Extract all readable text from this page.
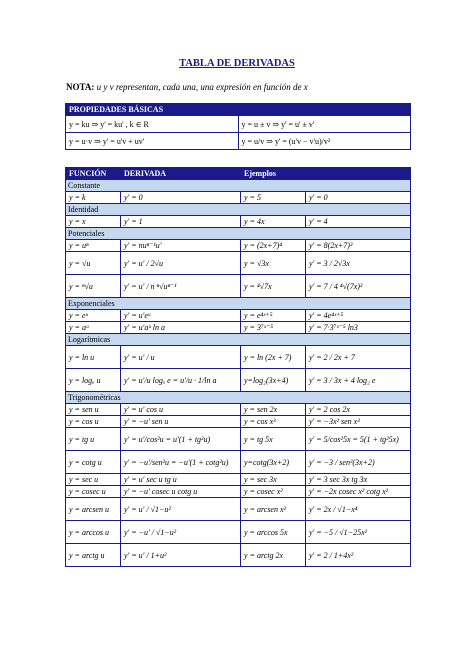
TABLA DE DERIVADAS
NOTA: u y v representan, cada una, una expresión en función de x
PROPIEDADES BÁSICAS	
y = ku ⇒ y' = ku' , k ∈ R	y = u ± v ⇒ y' = u' ± v'
y = u·v ⇒ y' = u'v + uv'	y = u/v ⇒ y' = (u'v − v'u)/v²
FUNCIÓN	DERIVADA	Ejemplos	
Constante			
y = k	y' = 0	y = 5	y' = 0
Identidad			
y = x	y' = 1	y = 4x	y' = 4
Potenciales			
y = uⁿ	y' = nuⁿ⁻¹u'	y = (2x+7)⁴	y' = 8(2x+7)³
y = √u	y' = u' / 2√u	y = √3x	y' = 3 / 2√3x
y = ⁿ√u	y' = u' / n ⁿ√uⁿ⁻¹	y = ⁴√7x	y' = 7 / 4 ⁴√(7x)³
Exponenciales			
y = eᵘ	y' = u'eᵘ	y = e⁴ˣ⁺⁵	y' = 4e⁴ˣ⁺⁵
y = aᵘ	y' = u'aᵘ ln a	y = 3⁷ˣ⁻⁵	y' = 7·3⁷ˣ⁻⁵ ln3
Logarítmicas			
y = ln u	y' = u' / u	y = ln (2x + 7)	y' = 2 / 2x + 7
y = logₐ u	y' = u'/u logₐ e = u'/u · 1/ln a	y=log₂(3x+4)	y' = 3 / 3x + 4 log₂ e
Trigonométricas			
y = sen u	y' = u' cos u	y = sen 2x	y' = 2 cos 2x
y = cos u	y' = −u' sen u	y = cos x³	y' = −3x² sen x³
y = tg u	y' = u'/cos²u = u'(1 + tg²u)	y = tg 5x	y' = 5/cos²5x = 5(1 + tg²5x)
y = cotg u	y' = −u'/sen²u = −u'(1 + cotg²u)	y=cotg(3x+2)	y' = −3 / sen²(3x+2)
y = sec u	y' = u' sec u tg u	y = sec 3x	y' = 3 sec 3x tg 3x
y = cosec u	y' = −u' cosec u cotg u	y = cosec x²	y' = −2x cosec x² cotg x²
y = arcsen u	y' = u' / √1−u²	y = arcsen x²	y' = 2x / √1−x⁴
y = arccos u	y' = −u' / √1−u²	y = arccos 5x	y' = −5 / √1−25x²
y = arctg u	y' = u' / 1+u²	y = arctg 2x	y' = 2 / 1+4x²
